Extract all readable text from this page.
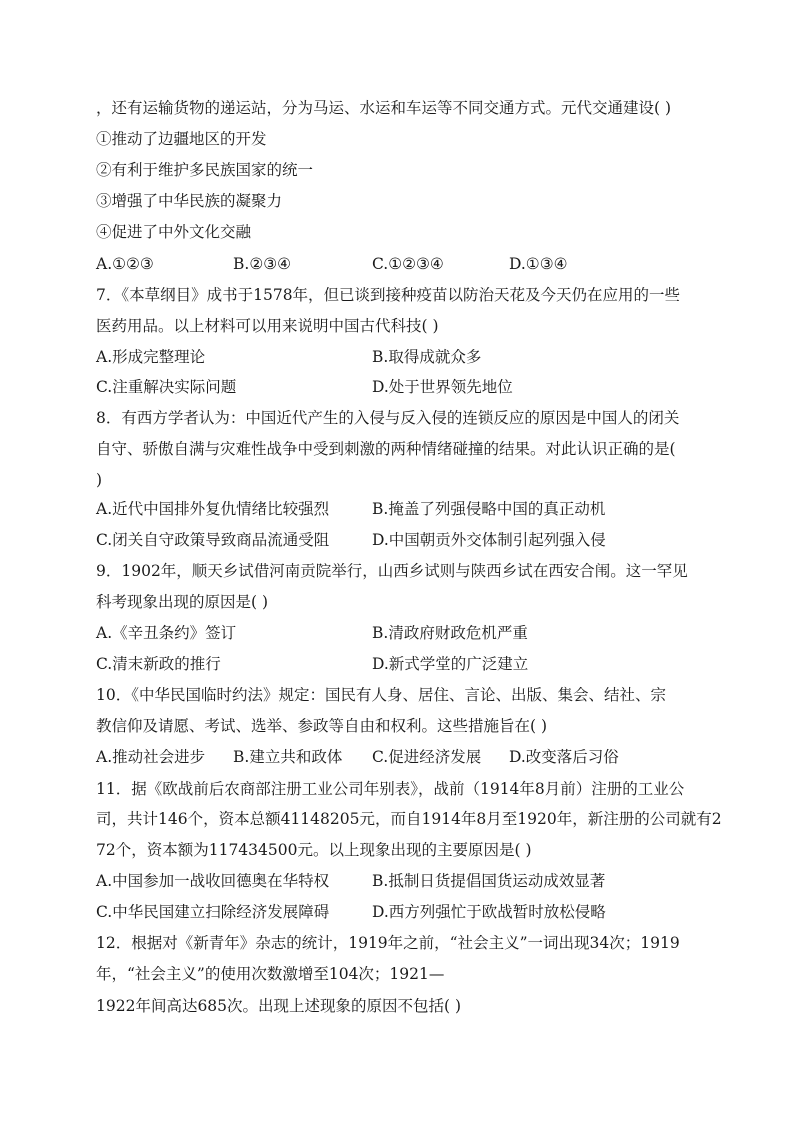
，还有运输货物的递运站，分为马运、水运和车运等不同交通方式。元代交通建设( )
①推动了边疆地区的开发
②有利于维护多民族国家的统一
③增强了中华民族的凝聚力
④促进了中外文化交融
A.①②③	B.②③④	C.①②③④	D.①③④
7．《本草纲目》成书于1578年，但已谈到接种疫苗以防治天花及今天仍在应用的一些
医药用品。以上材料可以用来说明中国古代科技( )
A.形成完整理论	B.取得成就众多
C.注重解决实际问题	D.处于世界领先地位
8．有西方学者认为：中国近代产生的入侵与反入侵的连锁反应的原因是中国人的闭关
自守、骄傲自满与灾难性战争中受到刺激的两种情绪碰撞的结果。对此认识正确的是(
)
A.近代中国排外复仇情绪比较强烈	B.掩盖了列强侵略中国的真正动机
C.闭关自守政策导致商品流通受阻	D.中国朝贡外交体制引起列强入侵
9．1902年，顺天乡试借河南贡院举行，山西乡试则与陕西乡试在西安合闱。这一罕见
科考现象出现的原因是( )
A.《辛丑条约》签订	B.清政府财政危机严重
C.清末新政的推行	D.新式学堂的广泛建立
10．《中华民国临时约法》规定：国民有人身、居住、言论、出版、集会、结社、宗
教信仰及请愿、考试、选举、参政等自由和权利。这些措施旨在( )
A.推动社会进步 B.建立共和政体 C.促进经济发展 D.改变落后习俗
11．据《欧战前后农商部注册工业公司年别表》，战前（1914年8月前）注册的工业公
司，共计146个，资本总额41148205元，而自1914年8月至1920年，新注册的公司就有2
72个，资本额为117434500元。以上现象出现的主要原因是( )
A.中国参加一战收回德奥在华特权	B.抵制日货提倡国货运动成效显著
C.中华民国建立扫除经济发展障碍	D.西方列强忙于欧战暂时放松侵略
12．根据对《新青年》杂志的统计，1919年之前，“社会主义”一词出现34次；1919
年，“社会主义”的使用次数激增至104次；1921—
1922年间高达685次。出现上述现象的原因不包括( )
